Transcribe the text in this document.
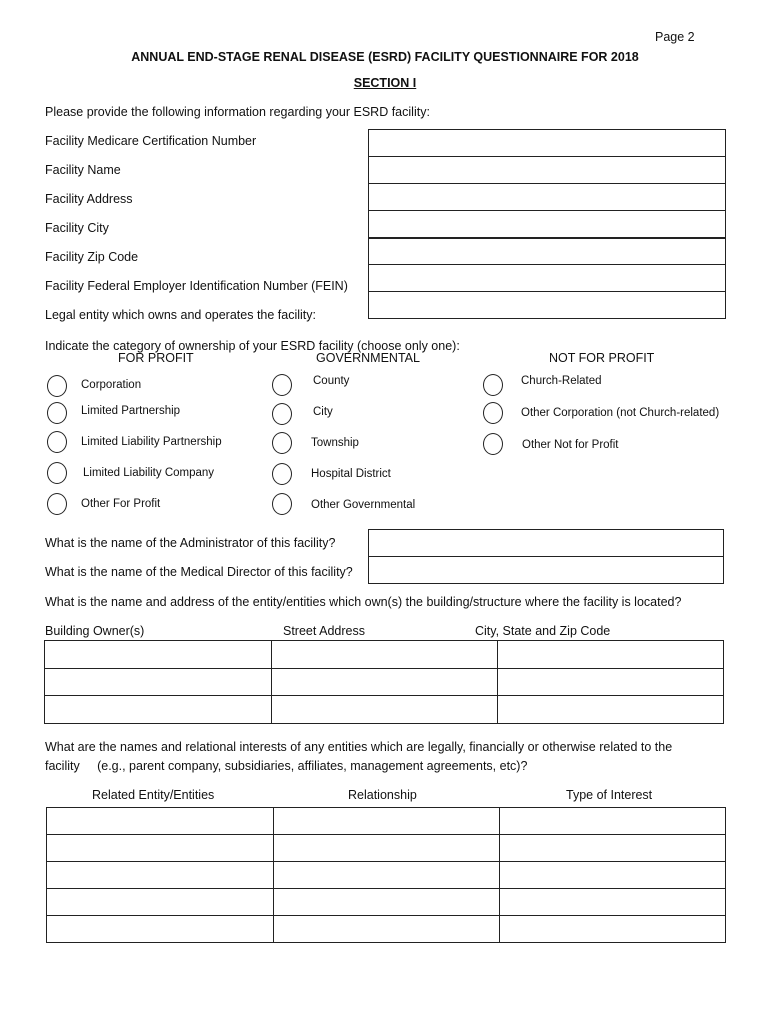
Page 2
ANNUAL END-STAGE RENAL DISEASE (ESRD) FACILITY QUESTIONNAIRE FOR 2018
SECTION I
Please provide the following information regarding your ESRD facility:
Facility Medicare Certification Number
Facility Name
Facility Address
Facility City
Facility Zip Code
Facility Federal Employer Identification Number (FEIN)
Legal entity which owns and operates the facility:
Indicate the category of ownership of your ESRD facility (choose only one):
FOR PROFIT	GOVERNMENTAL	NOT FOR PROFIT
Corporation
Limited Partnership
Limited Liability Partnership
Limited Liability Company
Other For Profit
County
City
Township
Hospital District
Other Governmental
Church-Related
Other Corporation (not Church-related)
Other Not for Profit
What is the name of the Administrator of this facility?
What is the name of the Medical Director of this facility?
What is the name and address of the entity/entities which own(s) the building/structure where the facility is located?
Building Owner(s)	Street Address	City, State and Zip Code

What are the names and relational interests of any entities which are legally, financially or otherwise related to the
facility     (e.g., parent company, subsidiaries, affiliates, management agreements, etc)?
Related Entity/Entities	Relationship	Type of Interest
